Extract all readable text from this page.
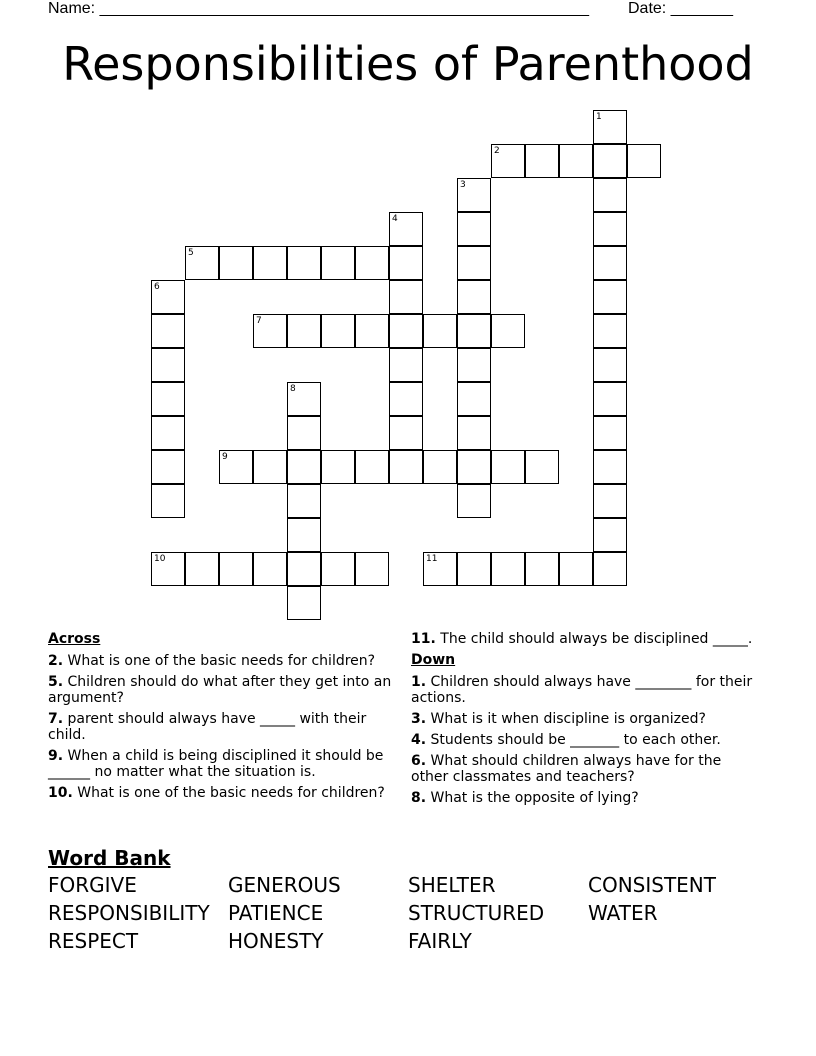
Name: _______________________________________________________ Date: _______
Responsibilities of Parenthood
1
2
3
4
5
6
7
8
9
10	11
Across
2. What is one of the basic needs for children?
5. Children should do what after they get into an argument?
7. parent should always have _____ with their child.
9. When a child is being disciplined it should be ______ no matter what the situation is.
10. What is one of the basic needs for children?
11. The child should always be disciplined _____.
Down
1. Children should always have ________ for their actions.
3. What is it when discipline is organized?
4. Students should be _______ to each other.
6. What should children always have for the other classmates and teachers?
8. What is the opposite of lying?
Word Bank
FORGIVE	GENEROUS	SHELTER	CONSISTENT
RESPONSIBILITY PATIENCE	STRUCTURED	WATER
RESPECT	HONESTY	FAIRLY
